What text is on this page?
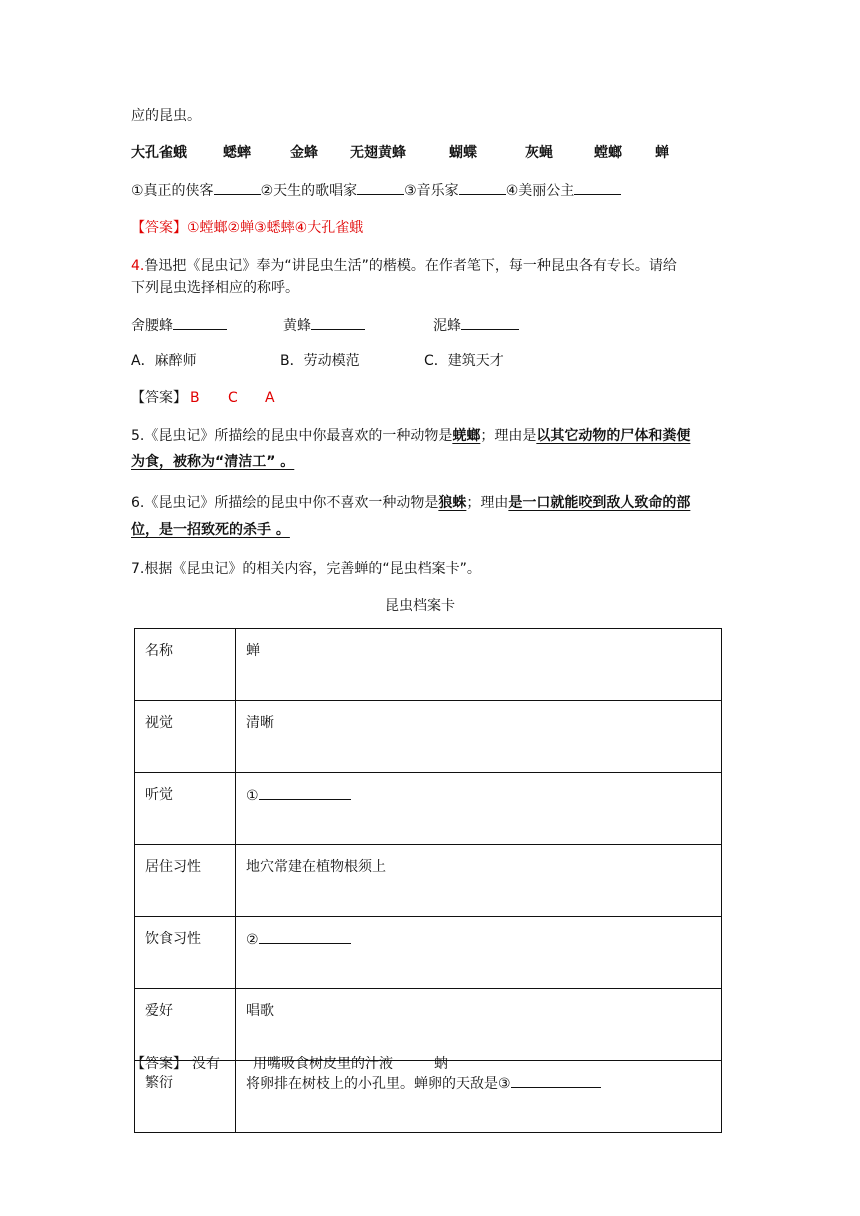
应的昆虫。
大孔雀蛾	蟋蟀	金蜂 无翅黄蜂	蝴蝶	灰蝇	螳螂 蝉
①真正的侠客	②天生的歌唱家	③音乐家	④美丽公主
【答案】①螳螂②蝉③蟋蟀④大孔雀蛾
4.鲁迅把《昆虫记》奉为“讲昆虫生活”的楷模。在作者笔下，每一种昆虫各有专长。请给
下列昆虫选择相应的称呼。
舍腰蜂	黄蜂	泥蜂
A．麻醉师	B．劳动模范	C．建筑天才
【答案】 B C A
5.《昆虫记》所描绘的昆虫中你最喜欢的一种动物是蜣螂；理由是以其它动物的尸体和粪便
为食，被称为“清洁工” 。
6.《昆虫记》所描绘的昆虫中你不喜欢一种动物是狼蛛；理由是一口就能咬到敌人致命的部
位，是一招致死的杀手 。
7.根据《昆虫记》的相关内容，完善蝉的“昆虫档案卡”。
昆虫档案卡
名称	蝉
视觉	清晰
听觉	①
居住习性	地穴常建在植物根须上
饮食习性	②
爱好	唱歌
繁衍	将卵排在树枝上的小孔里。蝉卵的天敌是③
【答案】 没有 用嘴吸食树皮里的汁液	蚋
